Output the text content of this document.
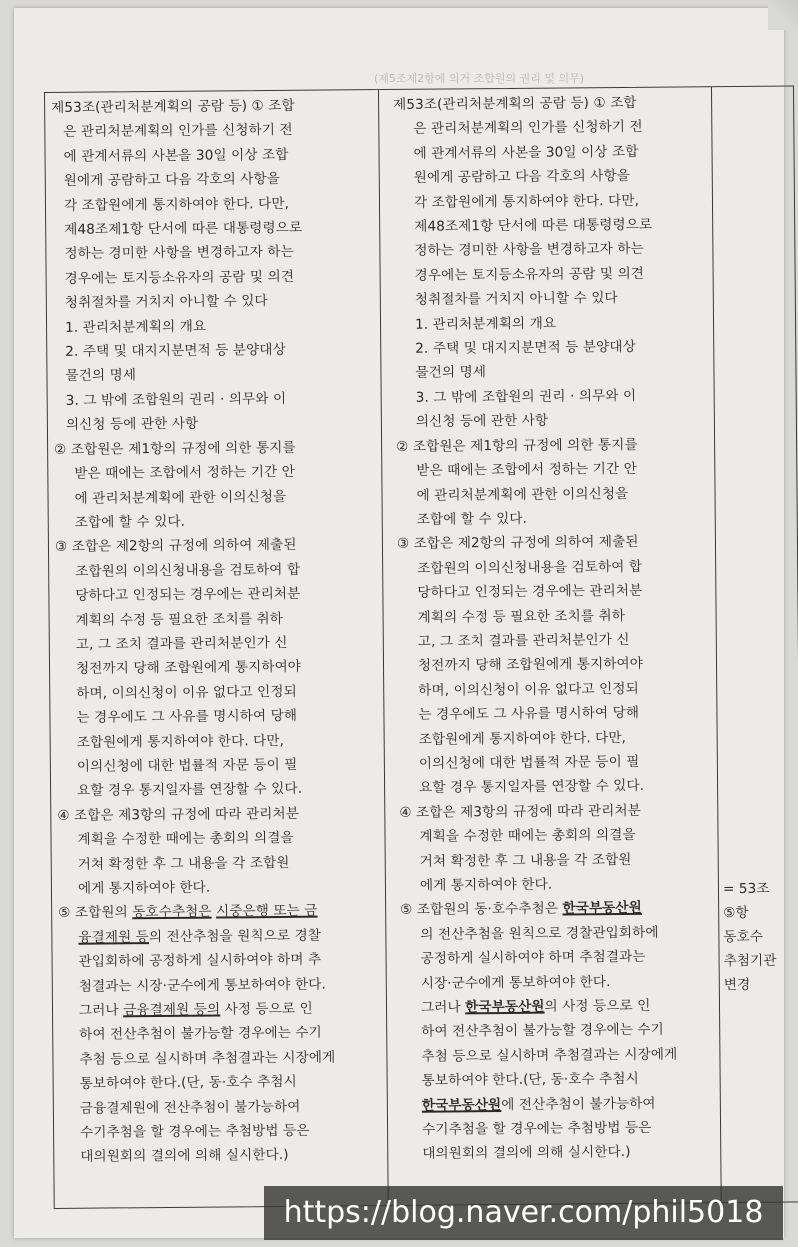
(제5조제2항에 의거 조합원의 권리 및 의무)
제53조(관리처분계획의 공람 등) ① 조합
은 관리처분계획의 인가를 신청하기 전
에 관계서류의 사본을 30일 이상 조합
원에게 공람하고 다음 각호의 사항을
각 조합원에게 통지하여야 한다. 다만,
제48조제1항 단서에 따른 대통령령으로
정하는 경미한 사항을 변경하고자 하는
경우에는 토지등소유자의 공람 및 의견
청취절차를 거치지 아니할 수 있다
1. 관리처분계획의 개요
2. 주택 및 대지지분면적 등 분양대상
물건의 명세
3. 그 밖에 조합원의 권리 · 의무와 이
의신청 등에 관한 사항
② 조합원은 제1항의 규정에 의한 통지를
받은 때에는 조합에서 정하는 기간 안
에 관리처분계획에 관한 이의신청을
조합에 할 수 있다.
③ 조합은 제2항의 규정에 의하여 제출된
조합원의 이의신청내용을 검토하여 합
당하다고 인정되는 경우에는 관리처분
계획의 수정 등 필요한 조치를 취하
고, 그 조치 결과를 관리처분인가 신
청전까지 당해 조합원에게 통지하여야
하며, 이의신청이 이유 없다고 인정되
는 경우에도 그 사유를 명시하여 당해
조합원에게 통지하여야 한다. 다만,
이의신청에 대한 법률적 자문 등이 필
요할 경우 통지일자를 연장할 수 있다.
④ 조합은 제3항의 규정에 따라 관리처분
계획을 수정한 때에는 총회의 의결을
거쳐 확정한 후 그 내용을 각 조합원
에게 통지하여야 한다.
⑤ 조합원의 동호수추첨은 시중은행 또는 금
융결제원 등의 전산추첨을 원칙으로 경찰
관입회하에 공정하게 실시하여야 하며 추
첨결과는 시장·군수에게 통보하여야 한다.
그러나 금융결제원 등의 사정 등으로 인
하여 전산추첨이 불가능할 경우에는 수기
추첨 등으로 실시하며 추첨결과는 시장에게
통보하여야 한다.(단, 동·호수 추첨시
금융결제원에 전산추첨이 불가능하여
수기추첨을 할 경우에는 추첨방법 등은
대의원회의 결의에 의해 실시한다.)
제53조(관리처분계획의 공람 등) ① 조합
은 관리처분계획의 인가를 신청하기 전
에 관계서류의 사본을 30일 이상 조합
원에게 공람하고 다음 각호의 사항을
각 조합원에게 통지하여야 한다. 다만,
제48조제1항 단서에 따른 대통령령으로
정하는 경미한 사항을 변경하고자 하는
경우에는 토지등소유자의 공람 및 의견
청취절차를 거치지 아니할 수 있다
1. 관리처분계획의 개요
2. 주택 및 대지지분면적 등 분양대상
물건의 명세
3. 그 밖에 조합원의 권리 · 의무와 이
의신청 등에 관한 사항
② 조합원은 제1항의 규정에 의한 통지를
받은 때에는 조합에서 정하는 기간 안
에 관리처분계획에 관한 이의신청을
조합에 할 수 있다.
③ 조합은 제2항의 규정에 의하여 제출된
조합원의 이의신청내용을 검토하여 합
당하다고 인정되는 경우에는 관리처분
계획의 수정 등 필요한 조치를 취하
고, 그 조치 결과를 관리처분인가 신
청전까지 당해 조합원에게 통지하여야
하며, 이의신청이 이유 없다고 인정되
는 경우에도 그 사유를 명시하여 당해
조합원에게 통지하여야 한다. 다만,
이의신청에 대한 법률적 자문 등이 필
요할 경우 통지일자를 연장할 수 있다.
④ 조합은 제3항의 규정에 따라 관리처분
계획을 수정한 때에는 총회의 의결을
거쳐 확정한 후 그 내용을 각 조합원
에게 통지하여야 한다.
⑤ 조합원의 동·호수추첨은 한국부동산원
의 전산추첨을 원칙으로 경찰관입회하에
공정하게 실시하여야 하며 추첨결과는
시장·군수에게 통보하여야 한다.
그러나 한국부동산원의 사정 등으로 인
하여 전산추첨이 불가능할 경우에는 수기
추첨 등으로 실시하며 추첨결과는 시장에게
통보하여야 한다.(단, 동·호수 추첨시
한국부동산원에 전산추첨이 불가능하여
수기추첨을 할 경우에는 추첨방법 등은
대의원회의 결의에 의해 실시한다.)
= 53조
⑤항
동호수
추첨기관
변경
https://blog.naver.com/phil5018
